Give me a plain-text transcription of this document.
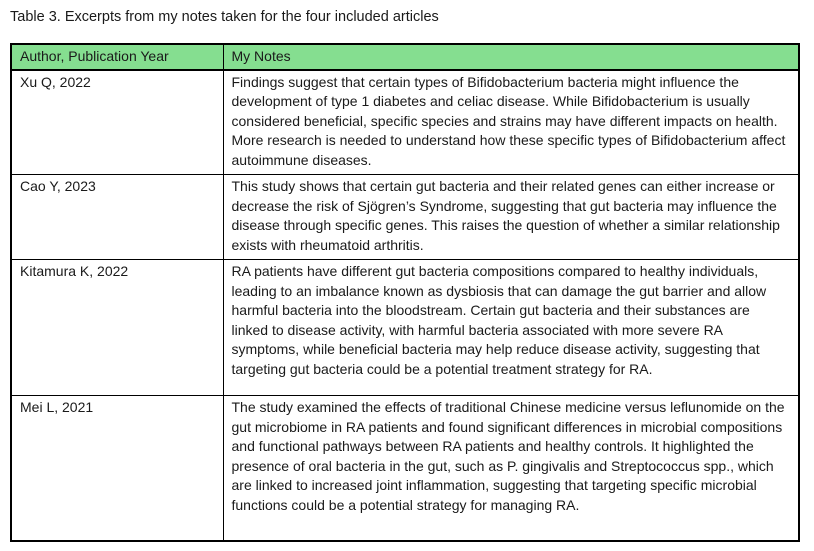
Table 3. Excerpts from my notes taken for the four included articles
Author, Publication Year	My Notes
Xu Q, 2022	Findings suggest that certain types of Bifidobacterium bacteria might influence the development of type 1 diabetes and celiac disease. While Bifidobacterium is usually considered beneficial, specific species and strains may have different impacts on health. More research is needed to understand how these specific types of Bifidobacterium affect autoimmune diseases.
Cao Y, 2023	This study shows that certain gut bacteria and their related genes can either increase or decrease the risk of Sjögren’s Syndrome, suggesting that gut bacteria may influence the disease through specific genes. This raises the question of whether a similar relationship exists with rheumatoid arthritis.
Kitamura K, 2022	RA patients have different gut bacteria compositions compared to healthy individuals, leading to an imbalance known as dysbiosis that can damage the gut barrier and allow harmful bacteria into the bloodstream. Certain gut bacteria and their substances are linked to disease activity, with harmful bacteria associated with more severe RA symptoms, while beneficial bacteria may help reduce disease activity, suggesting that targeting gut bacteria could be a potential treatment strategy for RA.
Mei L, 2021	The study examined the effects of traditional Chinese medicine versus leflunomide on the gut microbiome in RA patients and found significant differences in microbial compositions and functional pathways between RA patients and healthy controls. It highlighted the presence of oral bacteria in the gut, such as P. gingivalis and Streptococcus spp., which are linked to increased joint inflammation, suggesting that targeting specific microbial functions could be a potential strategy for managing RA.
